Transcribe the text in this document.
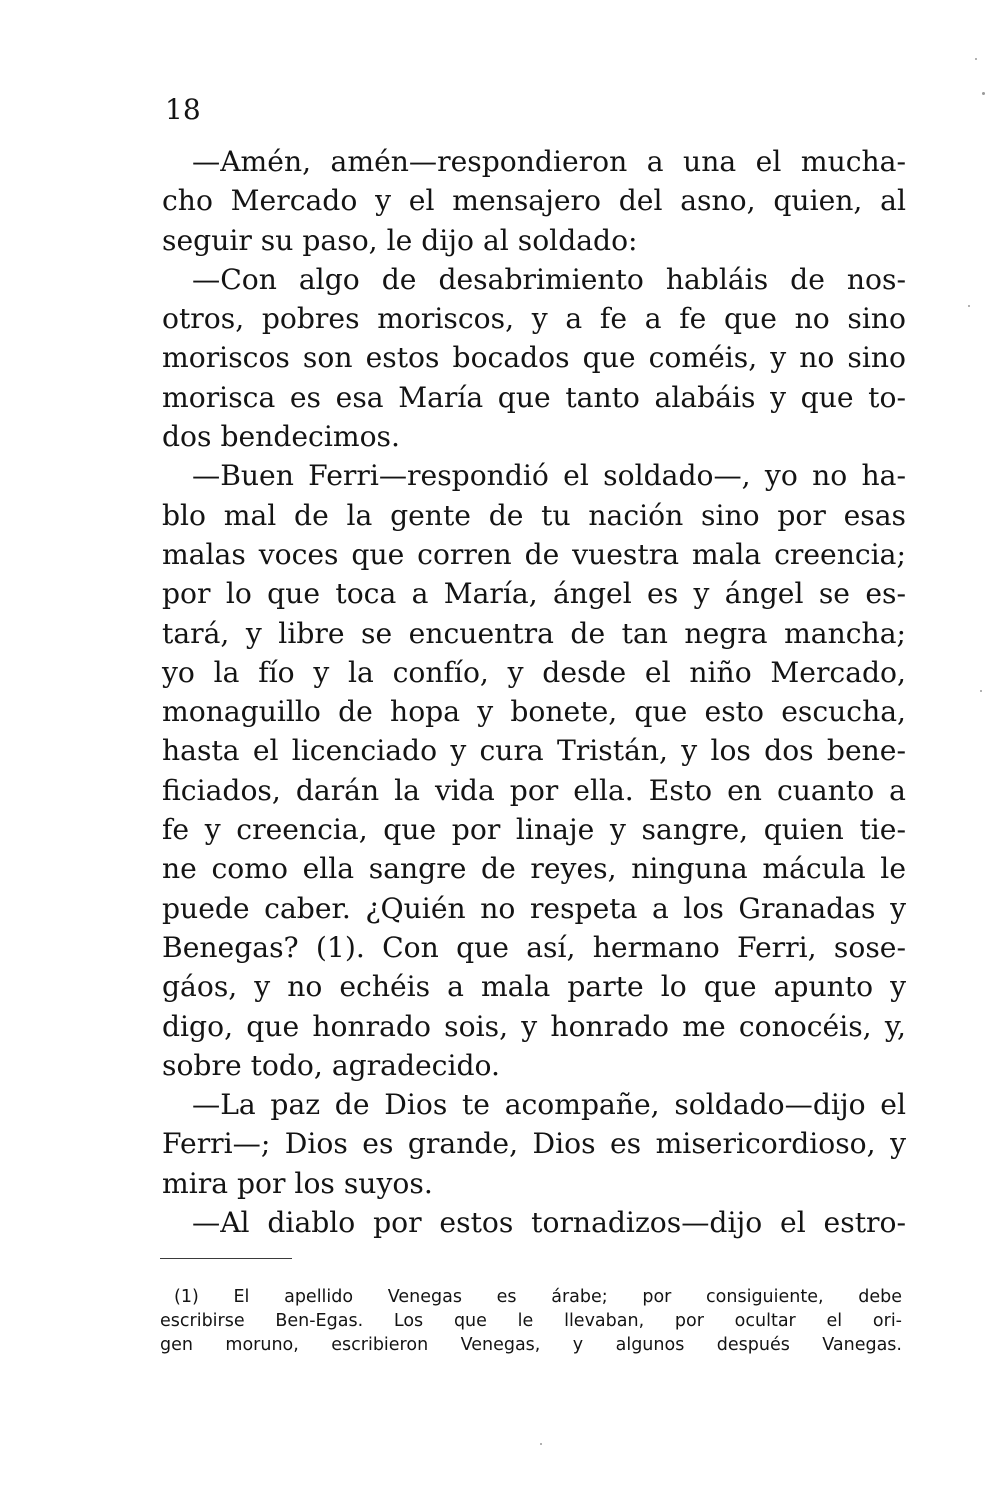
18
—Amén, amén—respondieron a una el mucha-
cho Mercado y el mensajero del asno, quien, al
seguir su paso, le dijo al soldado:
—Con algo de desabrimiento habláis de nos-
otros, pobres moriscos, y a fe a fe que no sino
moriscos son estos bocados que coméis, y no sino
morisca es esa María que tanto alabáis y que to-
dos bendecimos.
—Buen Ferri—respondió el soldado—, yo no ha-
blo mal de la gente de tu nación sino por esas
malas voces que corren de vuestra mala creencia;
por lo que toca a María, ángel es y ángel se es-
tará, y libre se encuentra de tan negra mancha;
yo la fío y la confío, y desde el niño Mercado,
monaguillo de hopa y bonete, que esto escucha,
hasta el licenciado y cura Tristán, y los dos bene-
ficiados, darán la vida por ella. Esto en cuanto a
fe y creencia, que por linaje y sangre, quien tie-
ne como ella sangre de reyes, ninguna mácula le
puede caber. ¿Quién no respeta a los Granadas y
Benegas? (1). Con que así, hermano Ferri, sose-
gáos, y no echéis a mala parte lo que apunto y
digo, que honrado sois, y honrado me conocéis, y,
sobre todo, agradecido.
—La paz de Dios te acompañe, soldado—dijo el
Ferri—; Dios es grande, Dios es misericordioso, y
mira por los suyos.
—Al diablo por estos tornadizos—dijo el estro-
(1) El apellido Venegas es árabe; por consiguiente, debe
escribirse Ben-Egas. Los que le llevaban, por ocultar el ori-
gen moruno, escribieron Venegas, y algunos después Vanegas.
